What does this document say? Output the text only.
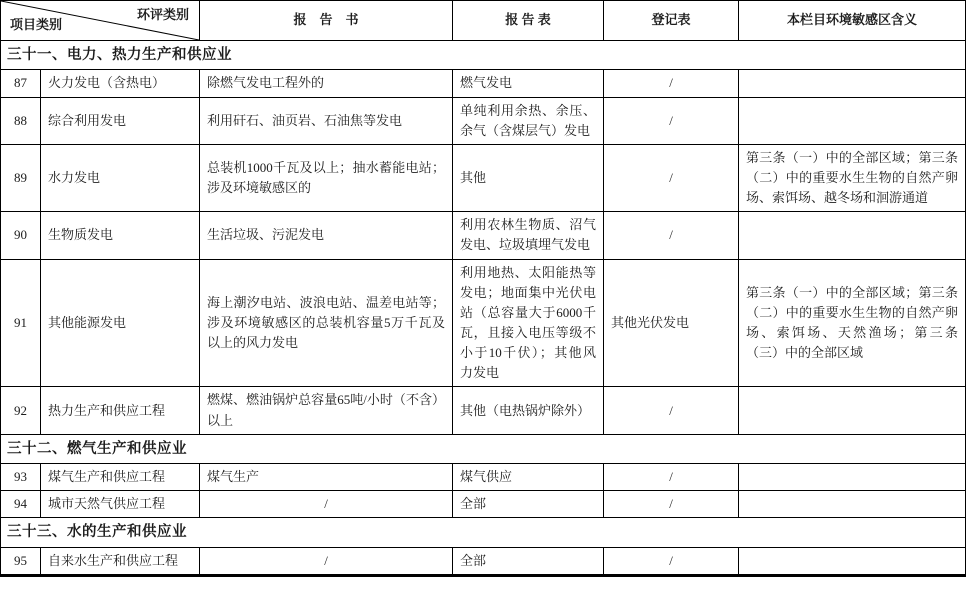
环评类别
项目类别		报　告　书	报 告 表	登记表	本栏目环境敏感区含义
三十一、电力、热力生产和供应业					
87	火力发电（含热电）	除燃气发电工程外的	燃气发电	/	
88	综合利用发电	利用矸石、油页岩、石油焦等发电	单纯利用余热、余压、余气（含煤层气）发电	/	
89	水力发电	总装机1000千瓦及以上；抽水蓄能电站；涉及环境敏感区的	其他	/	第三条（一）中的全部区域；第三条（二）中的重要水生生物的自然产卵场、索饵场、越冬场和洄游通道
90	生物质发电	生活垃圾、污泥发电	利用农林生物质、沼气发电、垃圾填埋气发电	/	
91	其他能源发电	海上潮汐电站、波浪电站、温差电站等；涉及环境敏感区的总装机容量5万千瓦及以上的风力发电	利用地热、太阳能热等发电；地面集中光伏电站（总容量大于6000千瓦，且接入电压等级不小于10千伏）；其他风力发电	其他光伏发电	第三条（一）中的全部区域；第三条（二）中的重要水生生物的自然产卵场、索饵场、天然渔场；第三条（三）中的全部区域
92	热力生产和供应工程	燃煤、燃油锅炉总容量65吨/小时（不含）以上	其他（电热锅炉除外）	/	
三十二、燃气生产和供应业					
93	煤气生产和供应工程	煤气生产	煤气供应	/	
94	城市天然气供应工程	/	全部	/	
三十三、水的生产和供应业					
95	自来水生产和供应工程	/	全部	/	
